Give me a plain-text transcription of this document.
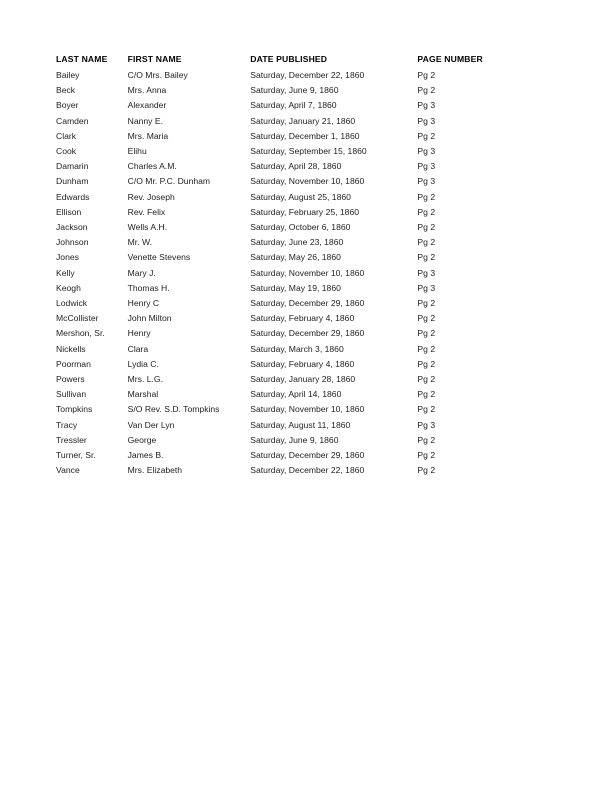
LAST NAME	FIRST NAME	DATE PUBLISHED	PAGE NUMBER
Bailey	C/O Mrs. Bailey	Saturday, December 22, 1860	Pg 2
Beck	Mrs. Anna	Saturday, June 9, 1860	Pg 2
Boyer	Alexander	Saturday, April 7, 1860	Pg 3
Camden	Nanny E.	Saturday, January 21, 1860	Pg 3
Clark	Mrs. Maria	Saturday, December 1, 1860	Pg 2
Cook	Elihu	Saturday, September 15, 1860	Pg 3
Damarin	Charles A.M.	Saturday, April 28, 1860	Pg 3
Dunham	C/O Mr. P.C. Dunham	Saturday, November 10, 1860	Pg 3
Edwards	Rev. Joseph	Saturday, August 25, 1860	Pg 2
Ellison	Rev. Felix	Saturday, February 25, 1860	Pg 2
Jackson	Wells A.H.	Saturday, October 6, 1860	Pg 2
Johnson	Mr. W.	Saturday, June 23, 1860	Pg 2
Jones	Venette Stevens	Saturday, May 26, 1860	Pg 2
Kelly	Mary J.	Saturday, November 10, 1860	Pg 3
Keogh	Thomas H.	Saturday, May 19, 1860	Pg 3
Lodwick	Henry C	Saturday, December 29, 1860	Pg 2
McCollister	John Milton	Saturday, February 4, 1860	Pg 2
Mershon, Sr.	Henry	Saturday, December 29, 1860	Pg 2
Nickells	Clara	Saturday, March 3, 1860	Pg 2
Poorman	Lydia C.	Saturday, February 4, 1860	Pg 2
Powers	Mrs. L.G.	Saturday, January 28, 1860	Pg 2
Sullivan	Marshal	Saturday, April 14, 1860	Pg 2
Tompkins	S/O Rev. S.D. Tompkins	Saturday, November 10, 1860	Pg 2
Tracy	Van Der Lyn	Saturday, August 11, 1860	Pg 3
Tressler	George	Saturday, June 9, 1860	Pg 2
Turner, Sr.	James B.	Saturday, December 29, 1860	Pg 2
Vance	Mrs. Elizabeth	Saturday, December 22, 1860	Pg 2
